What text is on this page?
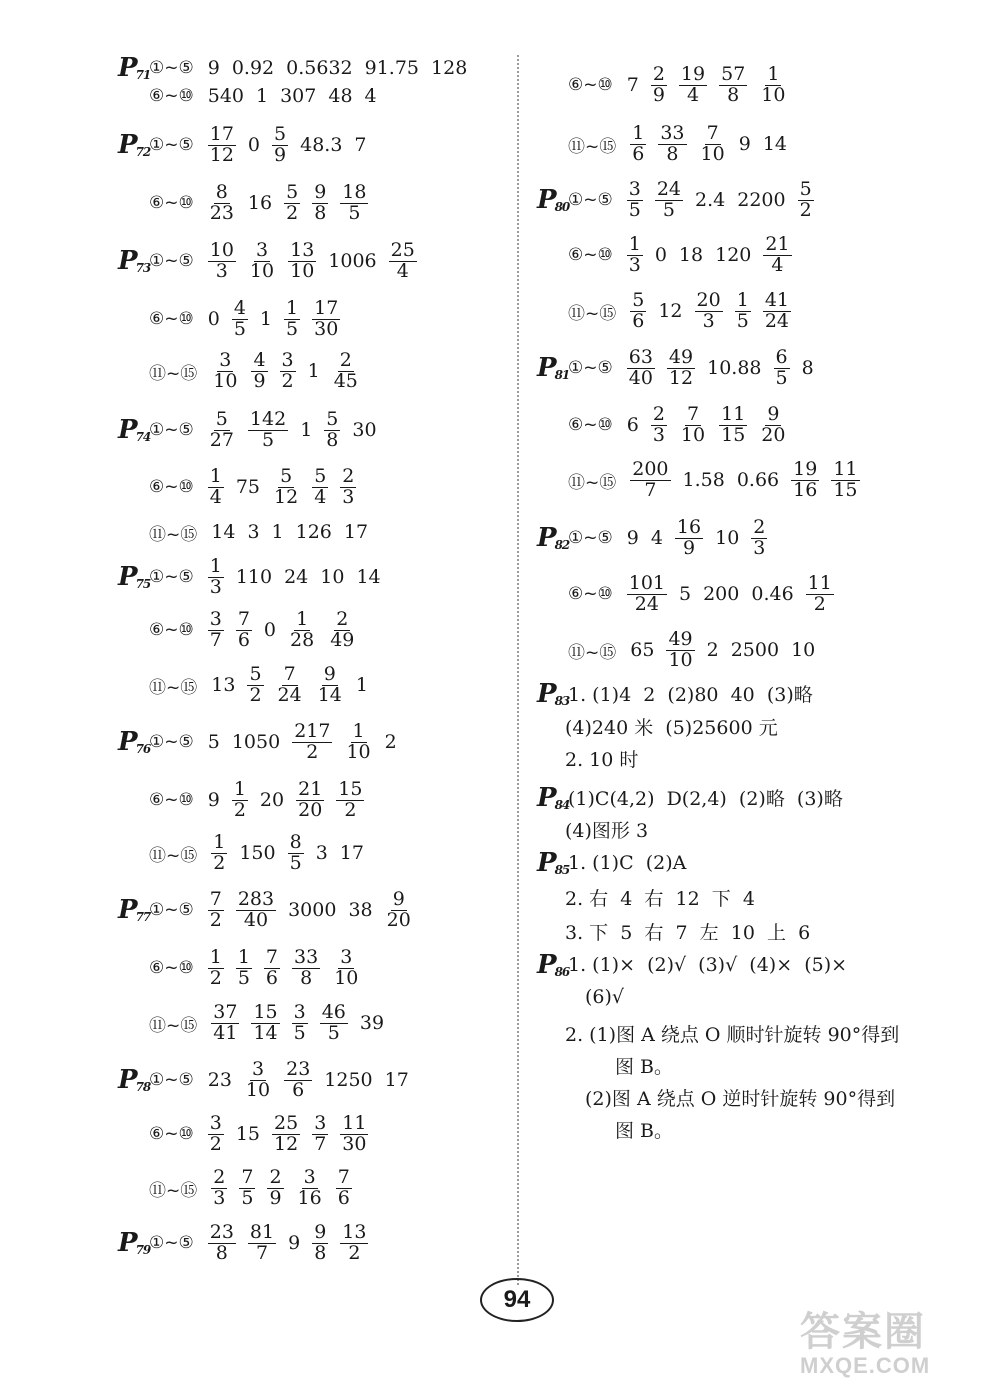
$P_{71}$
①~⑤ 9 0.92 0.5632 91.75 128
⑥~⑩ 540 1 307 48 4
$P_{72}$
①~⑤ $\frac{17}{12} 0 \frac{5}{9} 48.3$ 7
⑥~⑩ $\frac{8}{23} 16 \frac{5}{2} \frac{9}{8} \frac{18}{5}$
$P_{73}$
①~⑤ $\frac{10}{3} \frac{3}{10} \frac{13}{10} 1006 \frac{25}{4}$
⑥~⑩ $0 \frac{4}{5} 1 \frac{1}{5} \frac{17}{30}$
⑪~⑮ $\frac{3}{10} \frac{4}{9} \frac{3}{2} 1 \frac{2}{45}$
$P_{74}$
①~⑤ $\frac{5}{27} \frac{142}{5} 1 \frac{5}{8} 30$
⑥~⑩ $\frac{1}{4} 75 \frac{5}{12} \frac{5}{4} \frac{2}{3}$
⑪~⑮ 14 3 1 126 17
$P_{75}$
①~⑤ $\frac{1}{3} 110$ 24 10 14
⑥~⑩ $\frac{3}{7} \frac{7}{6} 0 \frac{1}{28} \frac{2}{49}$
⑪~⑮ $13 \frac{5}{2} \frac{7}{24} \frac{9}{14} 1$
$P_{76}$
①~⑤ 5 $1050 \frac{217}{2} \frac{1}{10} 2$
⑥~⑩ $9 \frac{1}{2} 20 \frac{21}{20} \frac{15}{2}$
⑪~⑮ $\frac{1}{2} 150 \frac{8}{5} 3$ 17
$P_{77}$
①~⑤ $\frac{7}{2} \frac{283}{40} 3000$ $38 \frac{9}{20}$
⑥~⑩ $\frac{1}{2} \frac{1}{5} \frac{7}{6} \frac{33}{8} \frac{3}{10}$
⑪~⑮ $\frac{37}{41} \frac{15}{14} \frac{3}{5} \frac{46}{5} 39$
$P_{78}$
①~⑤ $23 \frac{3}{10} \frac{23}{6} 1250$ 17
⑥~⑩ $\frac{3}{2} 15 \frac{25}{12} \frac{3}{7} \frac{11}{30}$
⑪~⑮ $\frac{2}{3} \frac{7}{5} \frac{2}{9} \frac{3}{16} \frac{7}{6}$
$P_{79}$
①~⑤ $\frac{23}{8} \frac{81}{7} 9 \frac{9}{8} \frac{13}{2}$
⑥~⑩ $7 \frac{2}{9} \frac{19}{4} \frac{57}{8} \frac{1}{10}$
⑪~⑮ $\frac{1}{6} \frac{33}{8} \frac{7}{10} 9$ 14
$P_{80}$
①~⑤ $\frac{3}{5} \frac{24}{5} 2.4$ $2200 \frac{5}{2}$
⑥~⑩ $\frac{1}{3} 0$ 18 $120 \frac{21}{4}$
⑪~⑮ $\frac{5}{6} 12 \frac{20}{3} \frac{1}{5} \frac{41}{24}$
$P_{81}$
①~⑤ $\frac{63}{40} \frac{49}{12} 10.88 \frac{6}{5} 8$
⑥~⑩ $6 \frac{2}{3} \frac{7}{10} \frac{11}{15} \frac{9}{20}$
⑪~⑮ $\frac{200}{7} 1.58$ $0.66 \frac{19}{16} \frac{11}{15}$
$P_{82}$
①~⑤ 9 $4 \frac{16}{9} 10 \frac{2}{3}$
⑥~⑩ $\frac{101}{24} 5$ 200 $0.46 \frac{11}{2}$
⑪~⑮ $65 \frac{49}{10} 2$ 2500 10
$P_{83}$
1. (1)4  2  (2)80  40  (3)略
(4)240 米  (5)25600 元
2. 10 时
$P_{84}$
(1)C(4,2)  D(2,4)  (2)略  (3)略
(4)图形 3
$P_{85}$
1. (1)C  (2)A
2. 右  4  右  12  下  4
3. 下  5  右  7  左  10  上  6
$P_{86}$
1. (1)×  (2)√  (3)√  (4)×  (5)×
(6)√
2. (1)图 A 绕点 O 顺时针旋转 90°得到
图 B。
(2)图 A 绕点 O 逆时针旋转 90°得到
图 B。
94
答案圈
MXQE.COM
